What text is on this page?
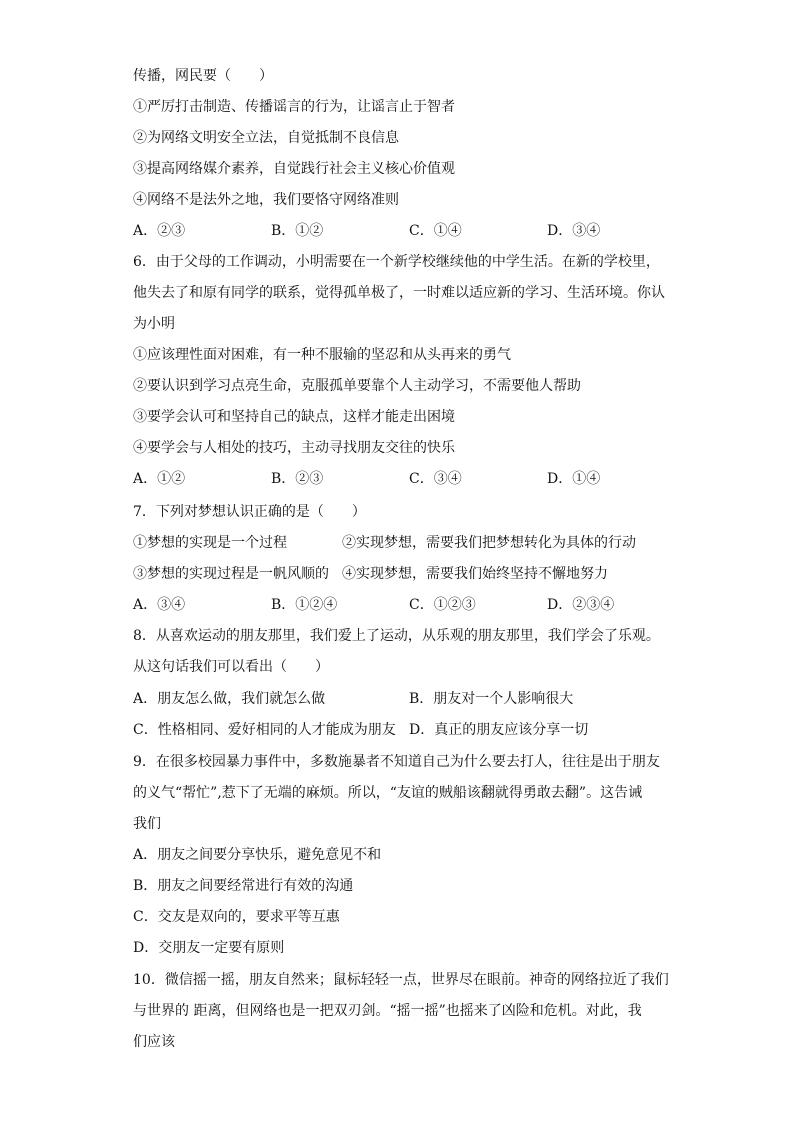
传播，网民要（　　）
①严厉打击制造、传播谣言的行为，让谣言止于智者
②为网络文明安全立法，自觉抵制不良信息
③提高网络媒介素养，自觉践行社会主义核心价值观
④网络不是法外之地，我们要恪守网络准则
A．②③	B．①②	C．①④	D．③④
6．由于父母的工作调动，小明需要在一个新学校继续他的中学生活。在新的学校里，
他失去了和原有同学的联系，觉得孤单极了，一时难以适应新的学习、生活环境。你认
为小明
①应该理性面对困难，有一种不服输的坚忍和从头再来的勇气
②要认识到学习点亮生命，克服孤单要靠个人主动学习，不需要他人帮助
③要学会认可和坚持自己的缺点，这样才能走出困境
④要学会与人相处的技巧，主动寻找朋友交往的快乐
A．①②	B．②③	C．③④	D．①④
7．下列对梦想认识正确的是（　　）
①梦想的实现是一个过程	②实现梦想，需要我们把梦想转化为具体的行动
③梦想的实现过程是一帆风顺的 ④实现梦想，需要我们始终坚持不懈地努力
A．③④	B．①②④	C．①②③	D．②③④
8．从喜欢运动的朋友那里，我们爱上了运动，从乐观的朋友那里，我们学会了乐观。
从这句话我们可以看出（　　）
A．朋友怎么做，我们就怎么做	B．朋友对一个人影响很大
C．性格相同、爱好相同的人才能成为朋友 D．真正的朋友应该分享一切
9．在很多校园暴力事件中，多数施暴者不知道自己为什么要去打人，往往是出于朋友
的义气“帮忙”,惹下了无端的麻烦。所以，“友谊的贼船该翻就得勇敢去翻”。这告诫
我们
A．朋友之间要分享快乐，避免意见不和
B．朋友之间要经常进行有效的沟通
C．交友是双向的，要求平等互惠
D．交朋友一定要有原则
10．微信摇一摇，朋友自然来；鼠标轻轻一点，世界尽在眼前。神奇的网络拉近了我们
与世界的 距离，但网络也是一把双刃剑。“摇一摇”也摇来了凶险和危机。对此，我
们应该
